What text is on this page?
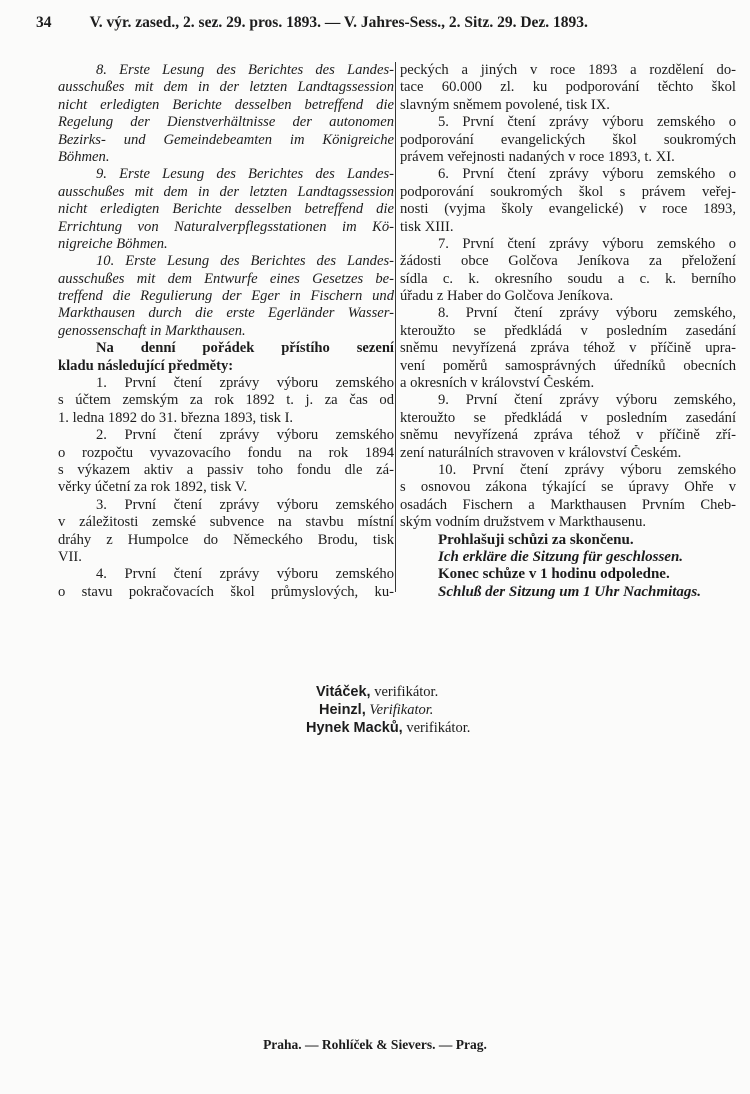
34 V. výr. zased., 2. sez. 29. pros. 1893. — V. Jahres-Sess., 2. Sitz. 29. Dez. 1893.
8. Erste Lesung des Berichtes des Landes-
ausschußes mit dem in der letzten Landtagssession
nicht erledigten Berichte desselben betreffend die
Regelung der Dienstverhältnisse der autonomen
Bezirks- und Gemeindebeamten im Königreiche
Böhmen.
9. Erste Lesung des Berichtes des Landes-
ausschußes mit dem in der letzten Landtagssession
nicht erledigten Berichte desselben betreffend die
Errichtung von Naturalverpflegsstationen im Kö-
nigreiche Böhmen.
10. Erste Lesung des Berichtes des Landes-
ausschußes mit dem Entwurfe eines Gesetzes be-
treffend die Regulierung der Eger in Fischern und
Markthausen durch die erste Egerländer Wasser-
genossenschaft in Markthausen.
Na denní pořádek přístího sezení
kladu následující předměty:
1. První čtení zprávy výboru zemského
s účtem zemským za rok 1892 t. j. za čas od
1. ledna 1892 do 31. března 1893, tisk I.
2. První čtení zprávy výboru zemského
o rozpočtu vyvazovacího fondu na rok 1894
s výkazem aktiv a passiv toho fondu dle zá-
věrky účetní za rok 1892, tisk V.
3. První čtení zprávy výboru zemského
v záležitosti zemské subvence na stavbu místní
dráhy z Humpolce do Německého Brodu, tisk
VII.
4. První čtení zprávy výboru zemského
o stavu pokračovacích škol průmyslových, ku-
peckých a jiných v roce 1893 a rozdělení do-
tace 60.000 zl. ku podporování těchto škol
slavným sněmem povolené, tisk IX.
5. První čtení zprávy výboru zemského o
podporování evangelických škol soukromých
právem veřejnosti nadaných v roce 1893, t. XI.
6. První čtení zprávy výboru zemského o
podporování soukromých škol s právem veřej-
nosti (vyjma školy evangelické) v roce 1893,
tisk XIII.
7. První čtení zprávy výboru zemského o
žádosti obce Golčova Jeníkova za přeložení
sídla c. k. okresního soudu a c. k. berního
úřadu z Haber do Golčova Jeníkova.
8. První čtení zprávy výboru zemského,
kteroužto se předkládá v posledním zasedání
sněmu nevyřízená zpráva téhož v příčině upra-
vení poměrů samosprávných úředníků obecních
a okresních v království Českém.
9. První čtení zprávy výboru zemského,
kteroužto se předkládá v posledním zasedání
sněmu nevyřízená zpráva téhož v příčině zří-
zení naturálních stravoven v království Českém.
10. První čtení zprávy výboru zemského
s osnovou zákona týkající se úpravy Ohře v
osadách Fischern a Markthausen Prvním Cheb-
ským vodním družstvem v Markthausenu.
Prohlašuji schůzi za skončenu.
Ich erkläre die Sitzung für geschlossen.
Konec schůze v 1 hodinu odpoledne.
Schluß der Sitzung um 1 Uhr Nachmitags.
Vitáček, verifikátor.
Heinzl, Verifikator.
Hynek Macků, verifikátor.
Praha. — Rohlíček & Sievers. — Prag.
